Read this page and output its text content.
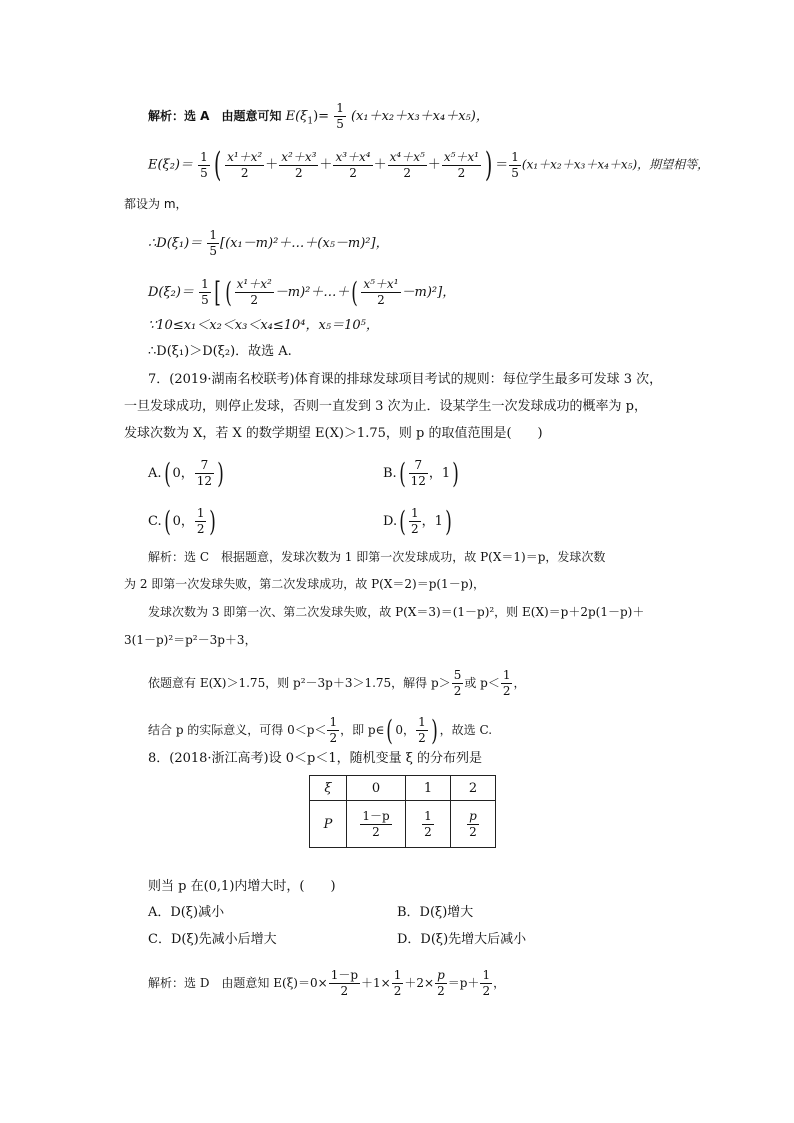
解析：选 A　由题意可知 $E(\xi_1)= \frac{1}{5} (x_1+x_2+x_3+x_4+x_5)$，
$E(\xi_2)= \frac{1}{5}$ ( $\frac{\text{x¹＋x²}}{2} + \frac{\text{x²＋x³}}{2} + \frac{\text{x³＋x⁴}}{2} + \frac{\text{x⁴＋x⁵}}{2} + \frac{\text{x⁵＋x¹}}{2}$ ) ＝ $\frac{1}{5} (x_1+x_2+x_3+x_4+x_5)$，期望相等，
都设为 m，
∴D(ξ₁)＝ $\frac{1}{5}$ [(x₁－m)²＋…＋(x₅－m)²]，
$D(\xi_2)= \frac{1}{5}$ [ ( $\frac{\text{x¹＋x²}}{2}$ －m)²＋…＋( $\frac{\text{x⁵＋x¹}}{2} -m)^2$]，
∵10≤x₁＜x₂＜x₃＜x₄≤10⁴，x₅＝10⁵，
∴D(ξ₁)＞D(ξ₂)．故选 A.
7．(2019·湖南名校联考)体育课的排球发球项目考试的规则：每位学生最多可发球 3 次，
一旦发球成功，则停止发球，否则一直发到 3 次为止．设某学生一次发球成功的概率为 p，
发球次数为 X，若 X 的数学期望 E(X)＞1.75，则 p 的取值范围是(　　)
A.( 0， $\frac{7}{12}$ )	$B.( \frac{7}{12}$ ，1)
C.( 0， $\frac{1}{2}$ )	$D.( \frac{1}{2}$ ，1)
解析：选 C　根据题意，发球次数为 1 即第一次发球成功，故 P(X＝1)＝p，发球次数
为 2 即第一次发球失败，第二次发球成功，故 P(X＝2)＝p(1－p)，
发球次数为 3 即第一次、第二次发球失败，故 P(X＝3)＝(1－p)²，则 E(X)＝p＋2p(1－p)＋
3(1－p)²＝p²－3p＋3，
依题意有 E(X)＞1.75，则 p²－3p＋3＞1.75，解得 $p> \frac{5}{2}$ 或 $p< \frac{1}{2}$ ，
结合 p 的实际意义，可得 $0<p< \frac{1}{2}$ ，即 p∈( 0， $\frac{1}{2}$ ) ，故选 C.
8．(2018·浙江高考)设 0＜p＜1，随机变量 ξ 的分布列是
ξ	0	1	2
P	$\frac{1-p}{2}$	$\frac{1}{2}$	$\frac{p}{2}$
则当 p 在(0,1)内增大时，(　　)
A．D(ξ)减小	B．D(ξ)增大
C．D(ξ)先减小后增大	D．D(ξ)先增大后减小
解析：选 D　由题意知 $E(\xi)=0\times \frac{1-p}{2} +1\times \frac{1}{2} +2\times \frac{p}{2} =p+ \frac{1}{2}$ ，
